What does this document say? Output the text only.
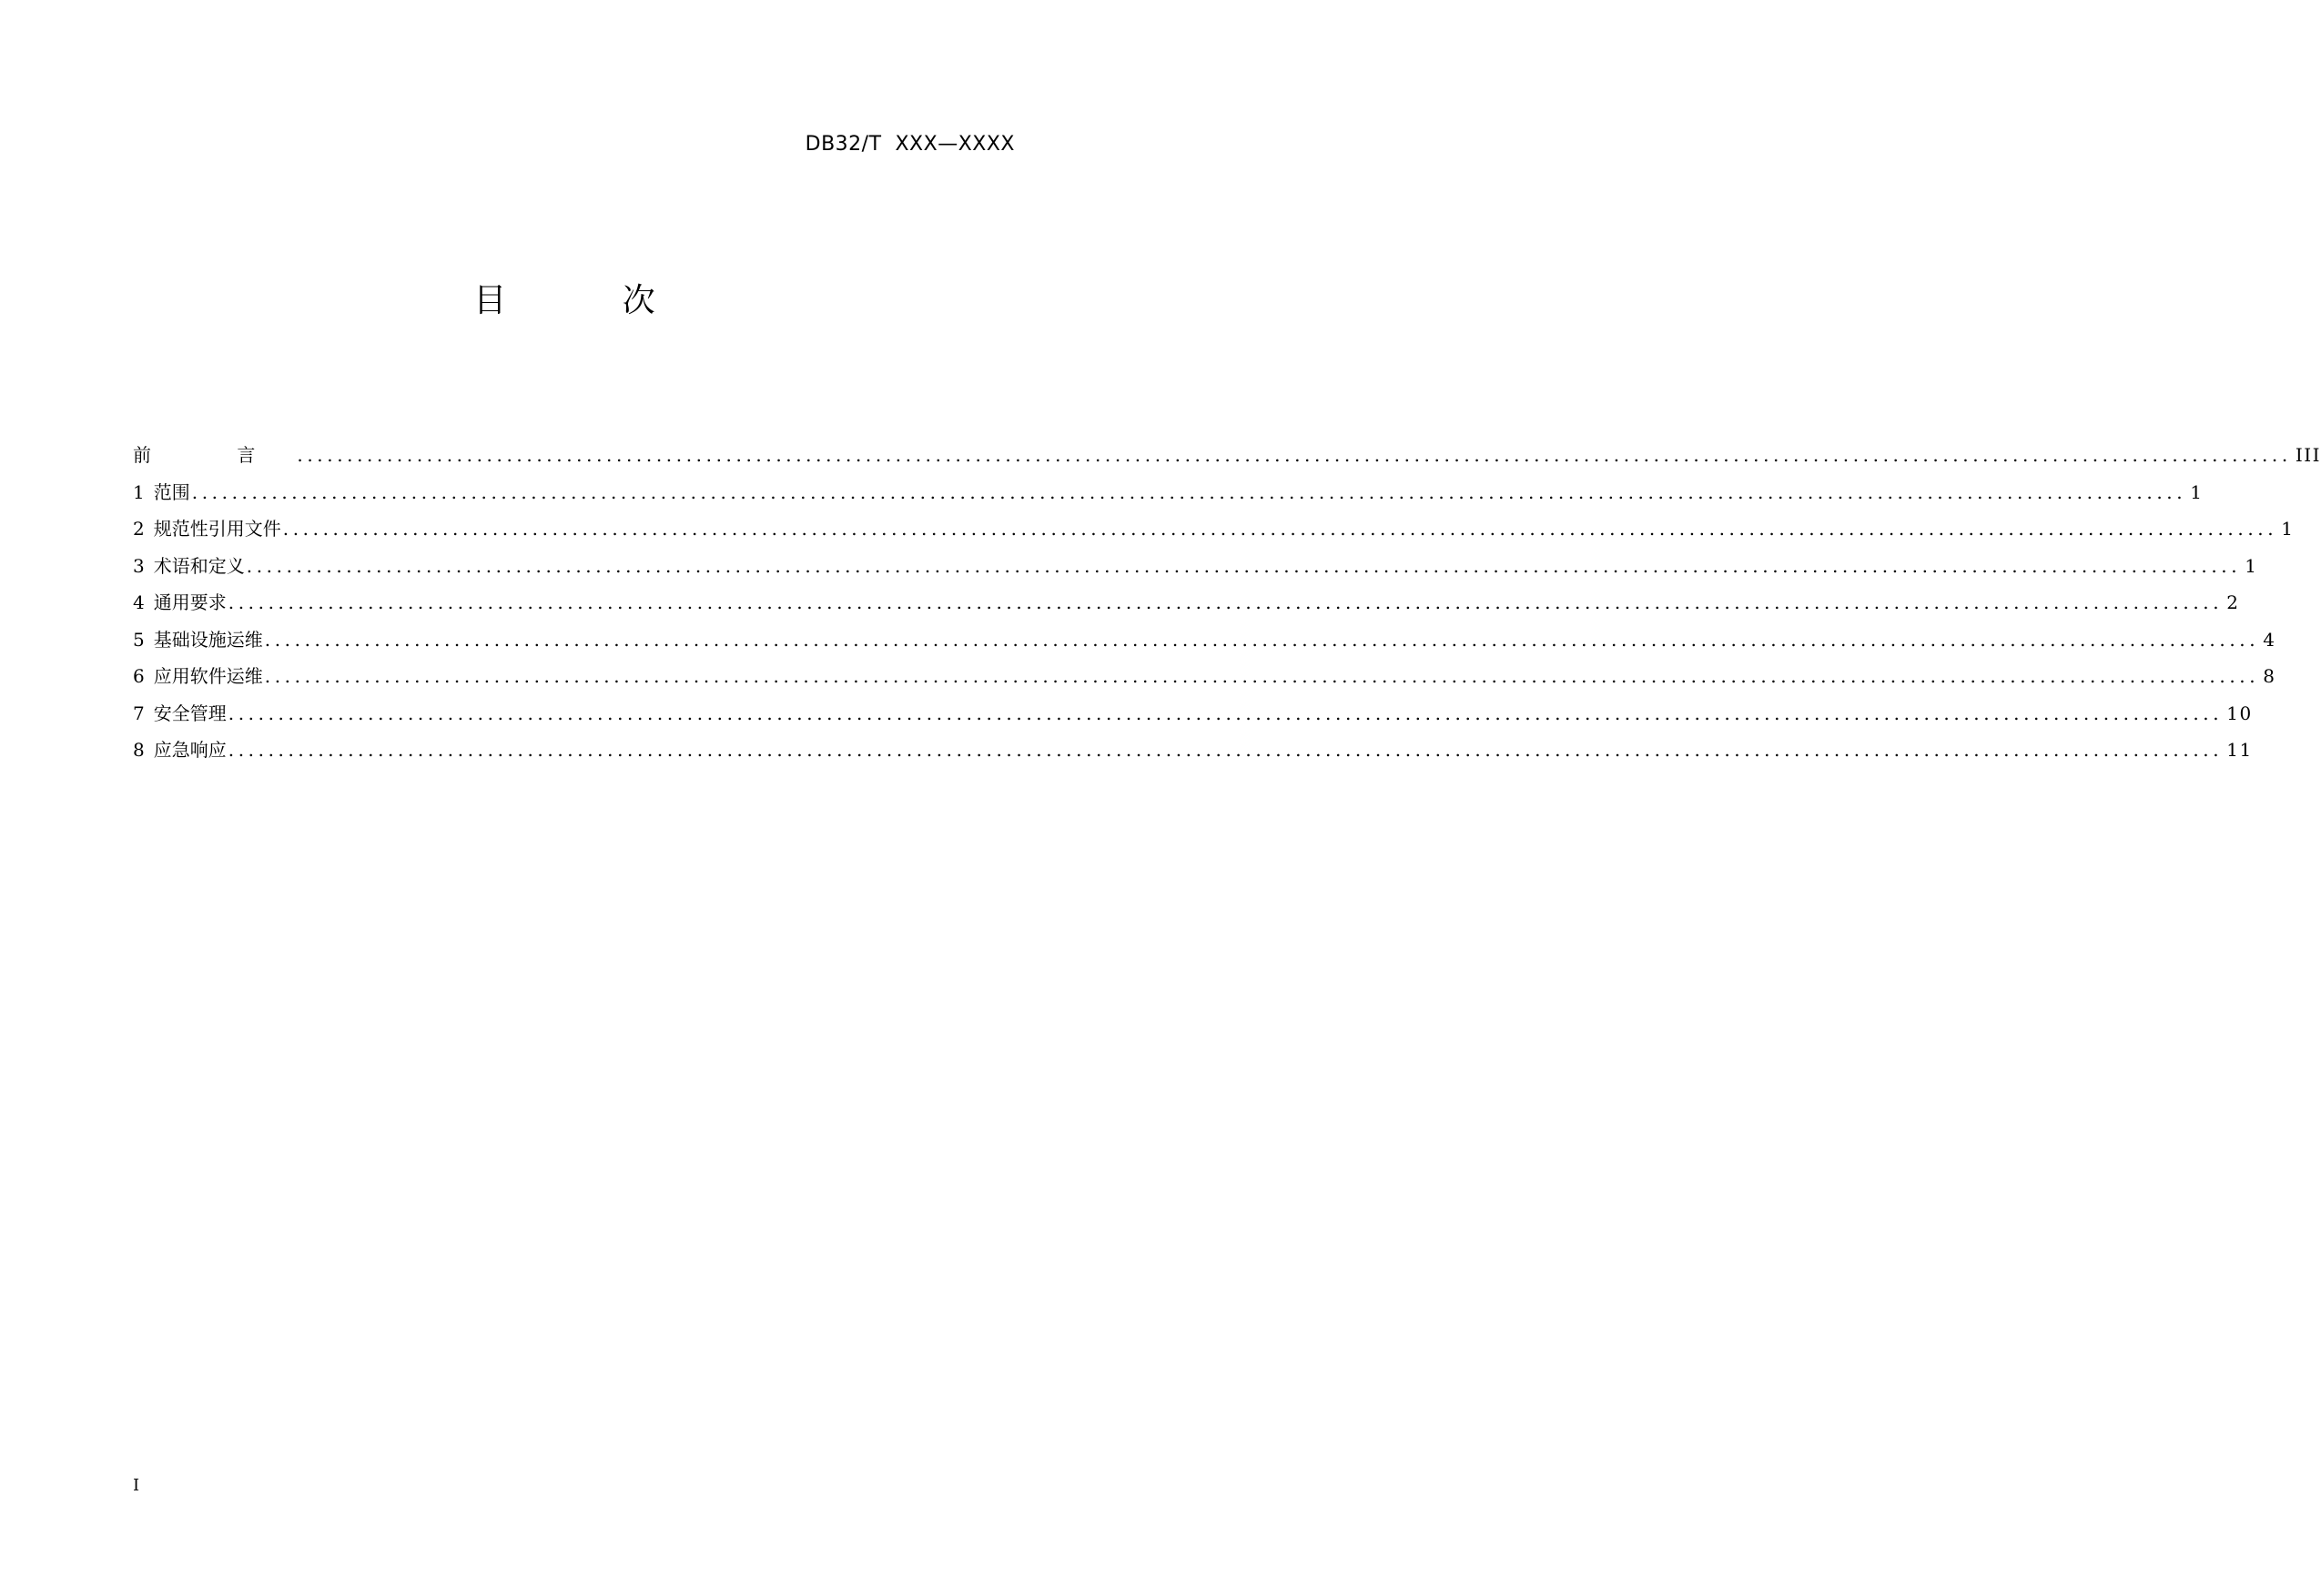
DB32/T  XXX—XXXX
目 次
前 言 ........................................................................................................................................................................................................ III
1 范围 ........................................................................................................................................................................................................ 1
2 规范性引用文件 ........................................................................................................................................................................................................ 1
3 术语和定义 ........................................................................................................................................................................................................ 1
4 通用要求 ........................................................................................................................................................................................................ 2
5 基础设施运维 ........................................................................................................................................................................................................ 4
6 应用软件运维 ........................................................................................................................................................................................................ 8
7 安全管理 ........................................................................................................................................................................................................ 10
8 应急响应 ........................................................................................................................................................................................................ 11
I
